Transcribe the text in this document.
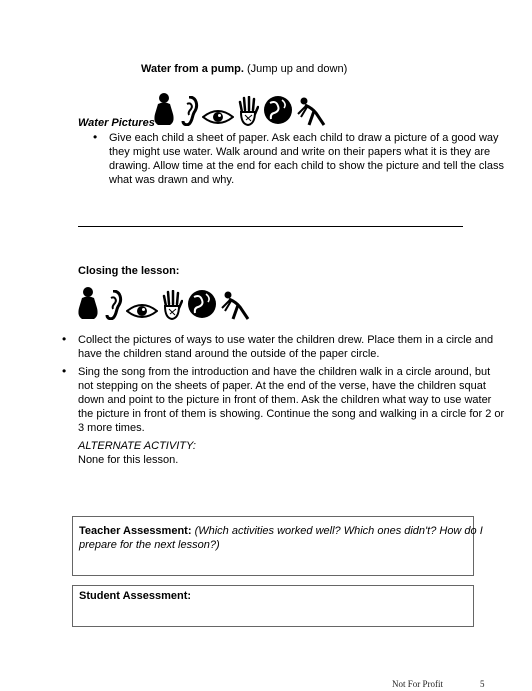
Water from a pump. (Jump up and down)
Water Pictures
• Give each child a sheet of paper. Ask each child to draw a picture of a good way
they might use water. Walk around and write on their papers what it is they are
drawing. Allow time at the end for each child to show the picture and tell the class
what was drawn and why.
Closing the lesson:
• Collect the pictures of ways to use water the children drew. Place them in a circle and
have the children stand around the outside of the paper circle.
• Sing the song from the introduction and have the children walk in a circle around, but
not stepping on the sheets of paper. At the end of the verse, have the children squat
down and point to the picture in front of them. Ask the children what way to use water
the picture in front of them is showing. Continue the song and walking in a circle for 2 or
3 more times.
ALTERNATE ACTIVITY:
None for this lesson.
Teacher Assessment: (Which activities worked well? Which ones didn't? How do I
prepare for the next lesson?)
Student Assessment:
Not For Profit	5
